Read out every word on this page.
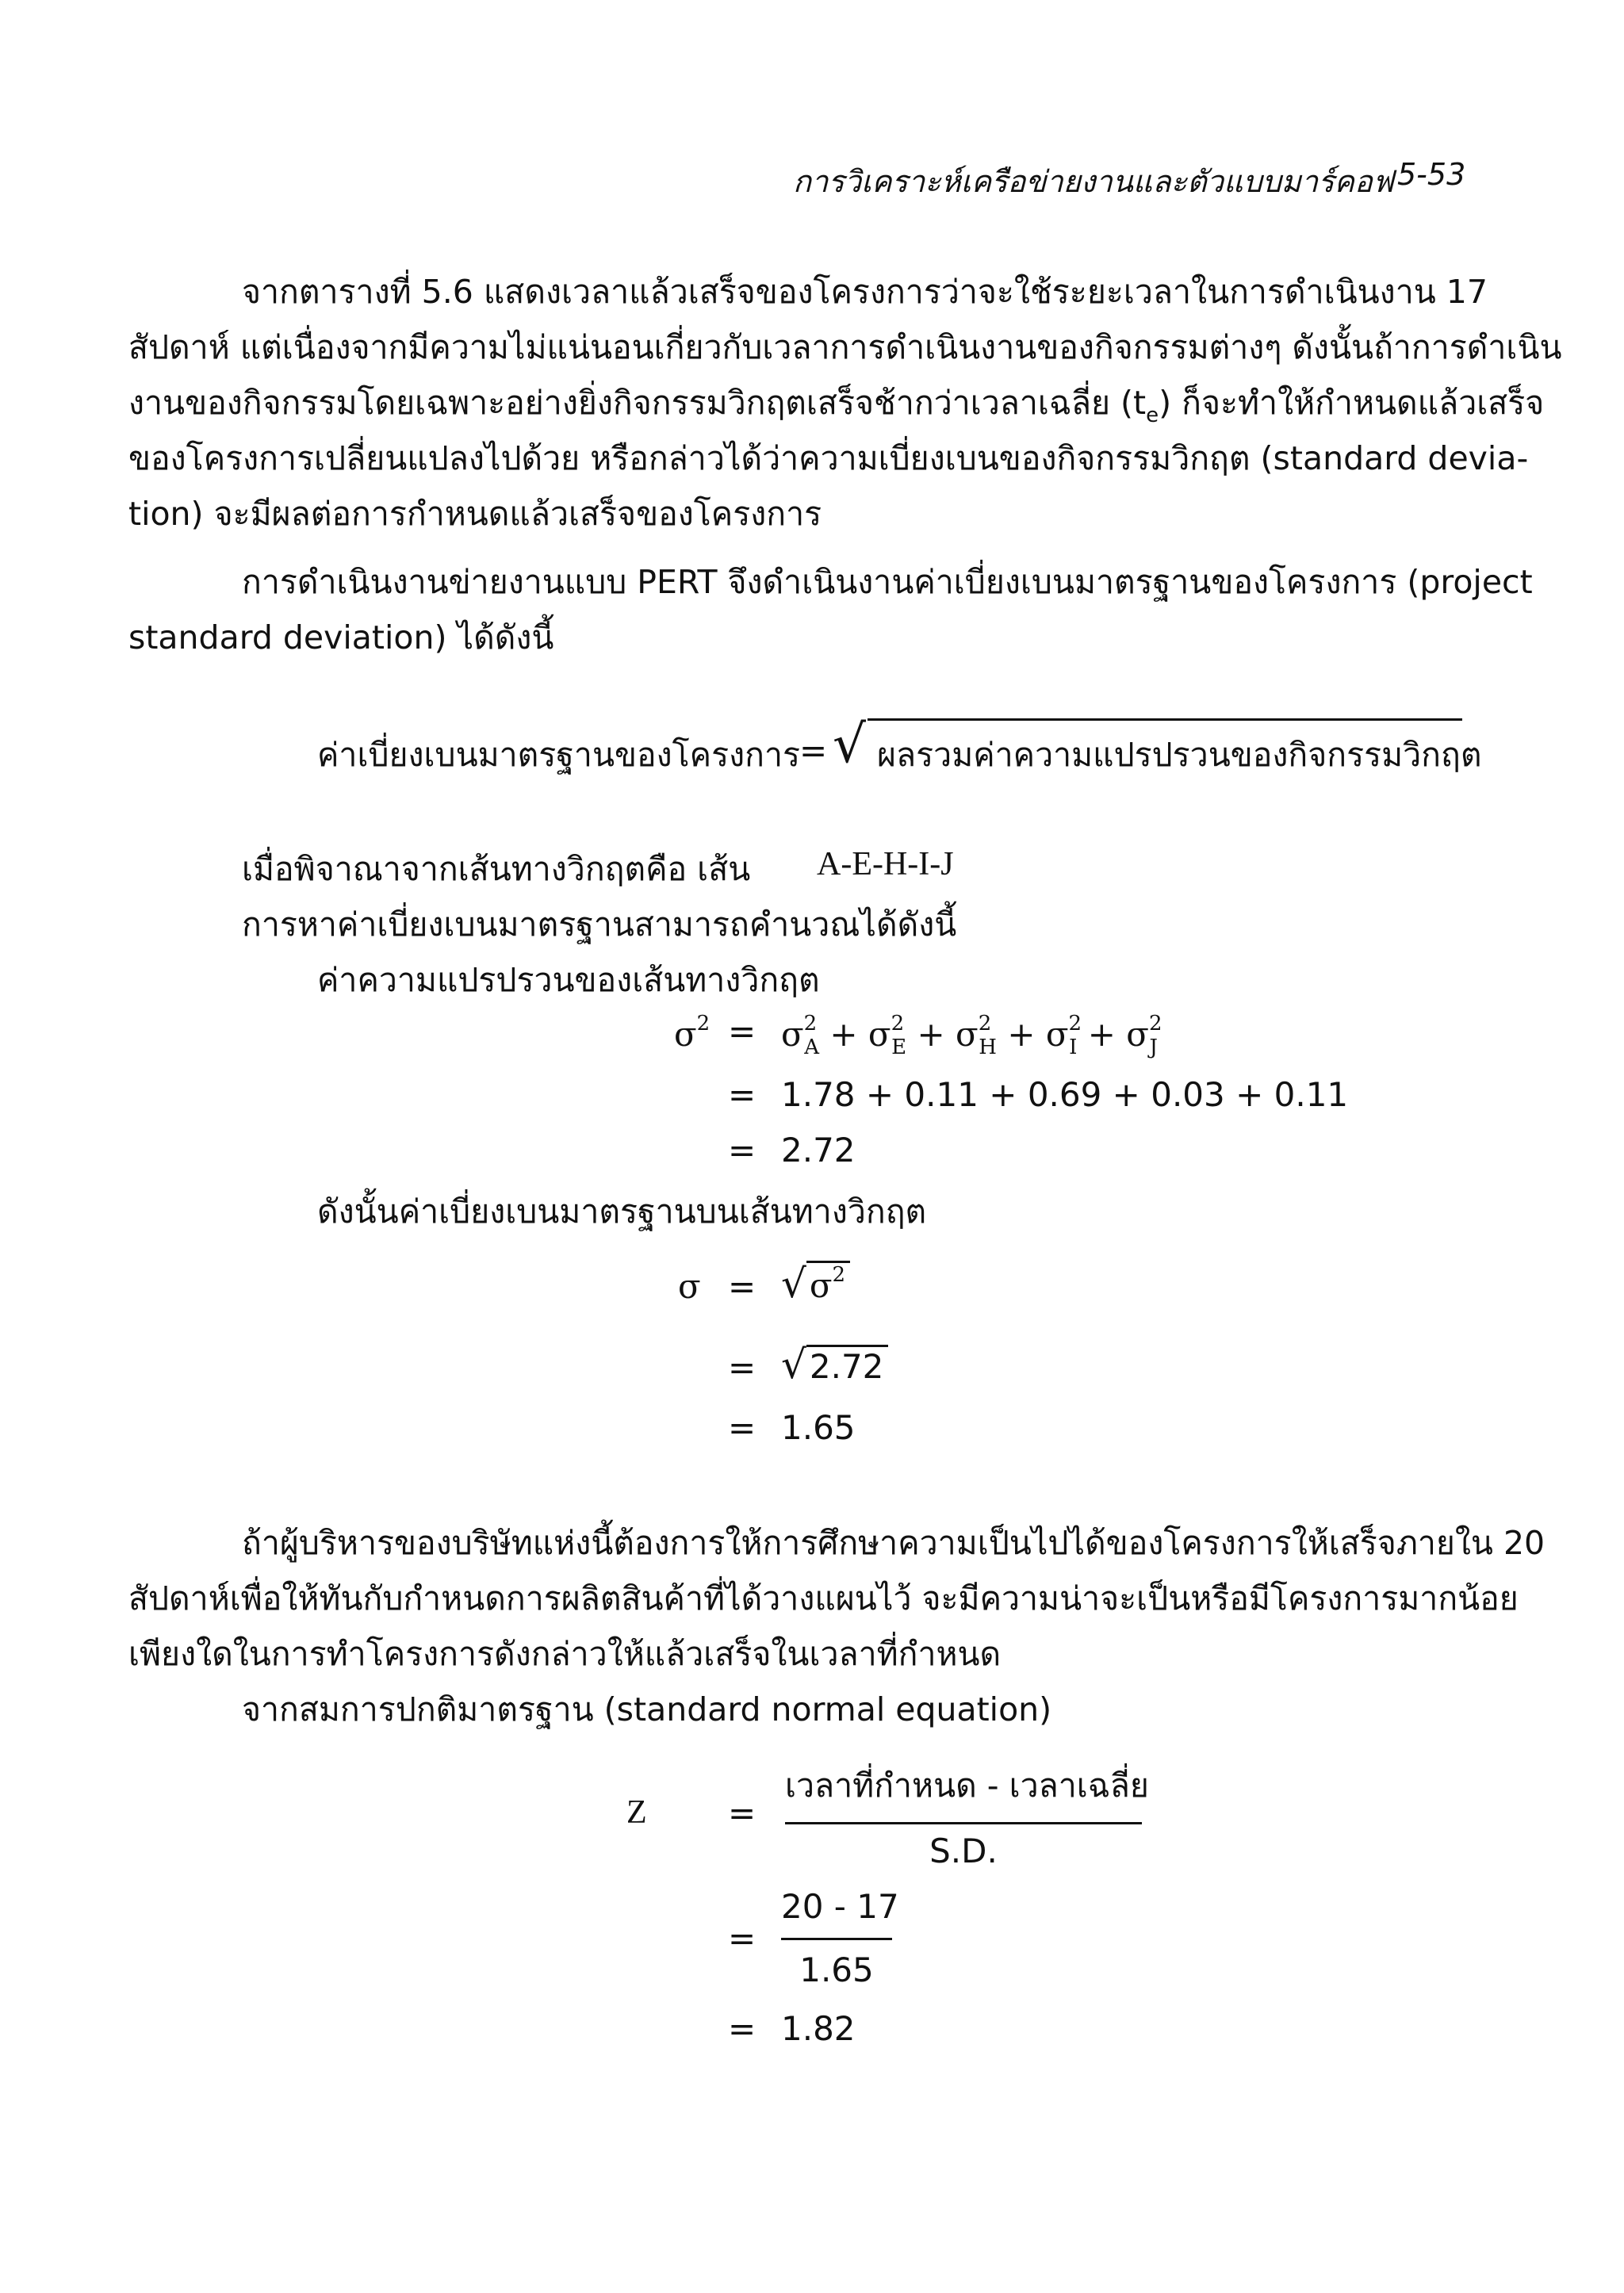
การวิเคราะห์เครือข่ายงานและตัวแบบมาร์คอฟ 5-53
จากตารางที่ 5.6 แสดงเวลาแล้วเสร็จของโครงการว่าจะใช้ระยะเวลาในการดำเนินงาน 17
สัปดาห์ แต่เนื่องจากมีความไม่แน่นอนเกี่ยวกับเวลาการดำเนินงานของกิจกรรมต่างๆ ดังนั้นถ้าการดำเนิน
งานของกิจกรรมโดยเฉพาะอย่างยิ่งกิจกรรมวิกฤตเสร็จช้ากว่าเวลาเฉลี่ย $(t_e)$ ก็จะทำให้กำหนดแล้วเสร็จ
ของโครงการเปลี่ยนแปลงไปด้วย หรือกล่าวได้ว่าความเบี่ยงเบนของกิจกรรมวิกฤต (standard devia-
tion) จะมีผลต่อการกำหนดแล้วเสร็จของโครงการ
การดำเนินงานข่ายงานแบบ PERT จึงดำเนินงานค่าเบี่ยงเบนมาตรฐานของโครงการ (project
standard deviation) ได้ดังนี้
ค่าเบี่ยงเบนมาตรฐานของโครงการ = √ ผลรวมค่าความแปรปรวนของกิจกรรมวิกฤต
เมื่อพิจาณาจากเส้นทางวิกฤตคือ เส้น A-E-H-I-J
การหาค่าเบี่ยงเบนมาตรฐานสามารถคำนวณได้ดังนี้
ค่าความแปรปรวนของเส้นทางวิกฤต
$\sigma^2 = \sigma^2_A + \sigma^2_E + \sigma^2_H + \sigma^2_I + \sigma^2_J$
= 1.78 + 0.11 + 0.69 + 0.03 + 0.11
= 2.72
ดังนั้นค่าเบี่ยงเบนมาตรฐานบนเส้นทางวิกฤต
$\sigma = √\sigma^2$
= √2.72
= 1.65
ถ้าผู้บริหารของบริษัทแห่งนี้ต้องการให้การศึกษาความเป็นไปได้ของโครงการให้เสร็จภายใน 20
สัปดาห์เพื่อให้ทันกับกำหนดการผลิตสินค้าที่ได้วางแผนไว้ จะมีความน่าจะเป็นหรือมีโครงการมากน้อย
เพียงใดในการทำโครงการดังกล่าวให้แล้วเสร็จในเวลาที่กำหนด
จากสมการปกติมาตรฐาน (standard normal equation)
Z =
เวลาที่กำหนด - เวลาเฉลี่ย
S.D.
=
20 - 17
1.65
= 1.82
